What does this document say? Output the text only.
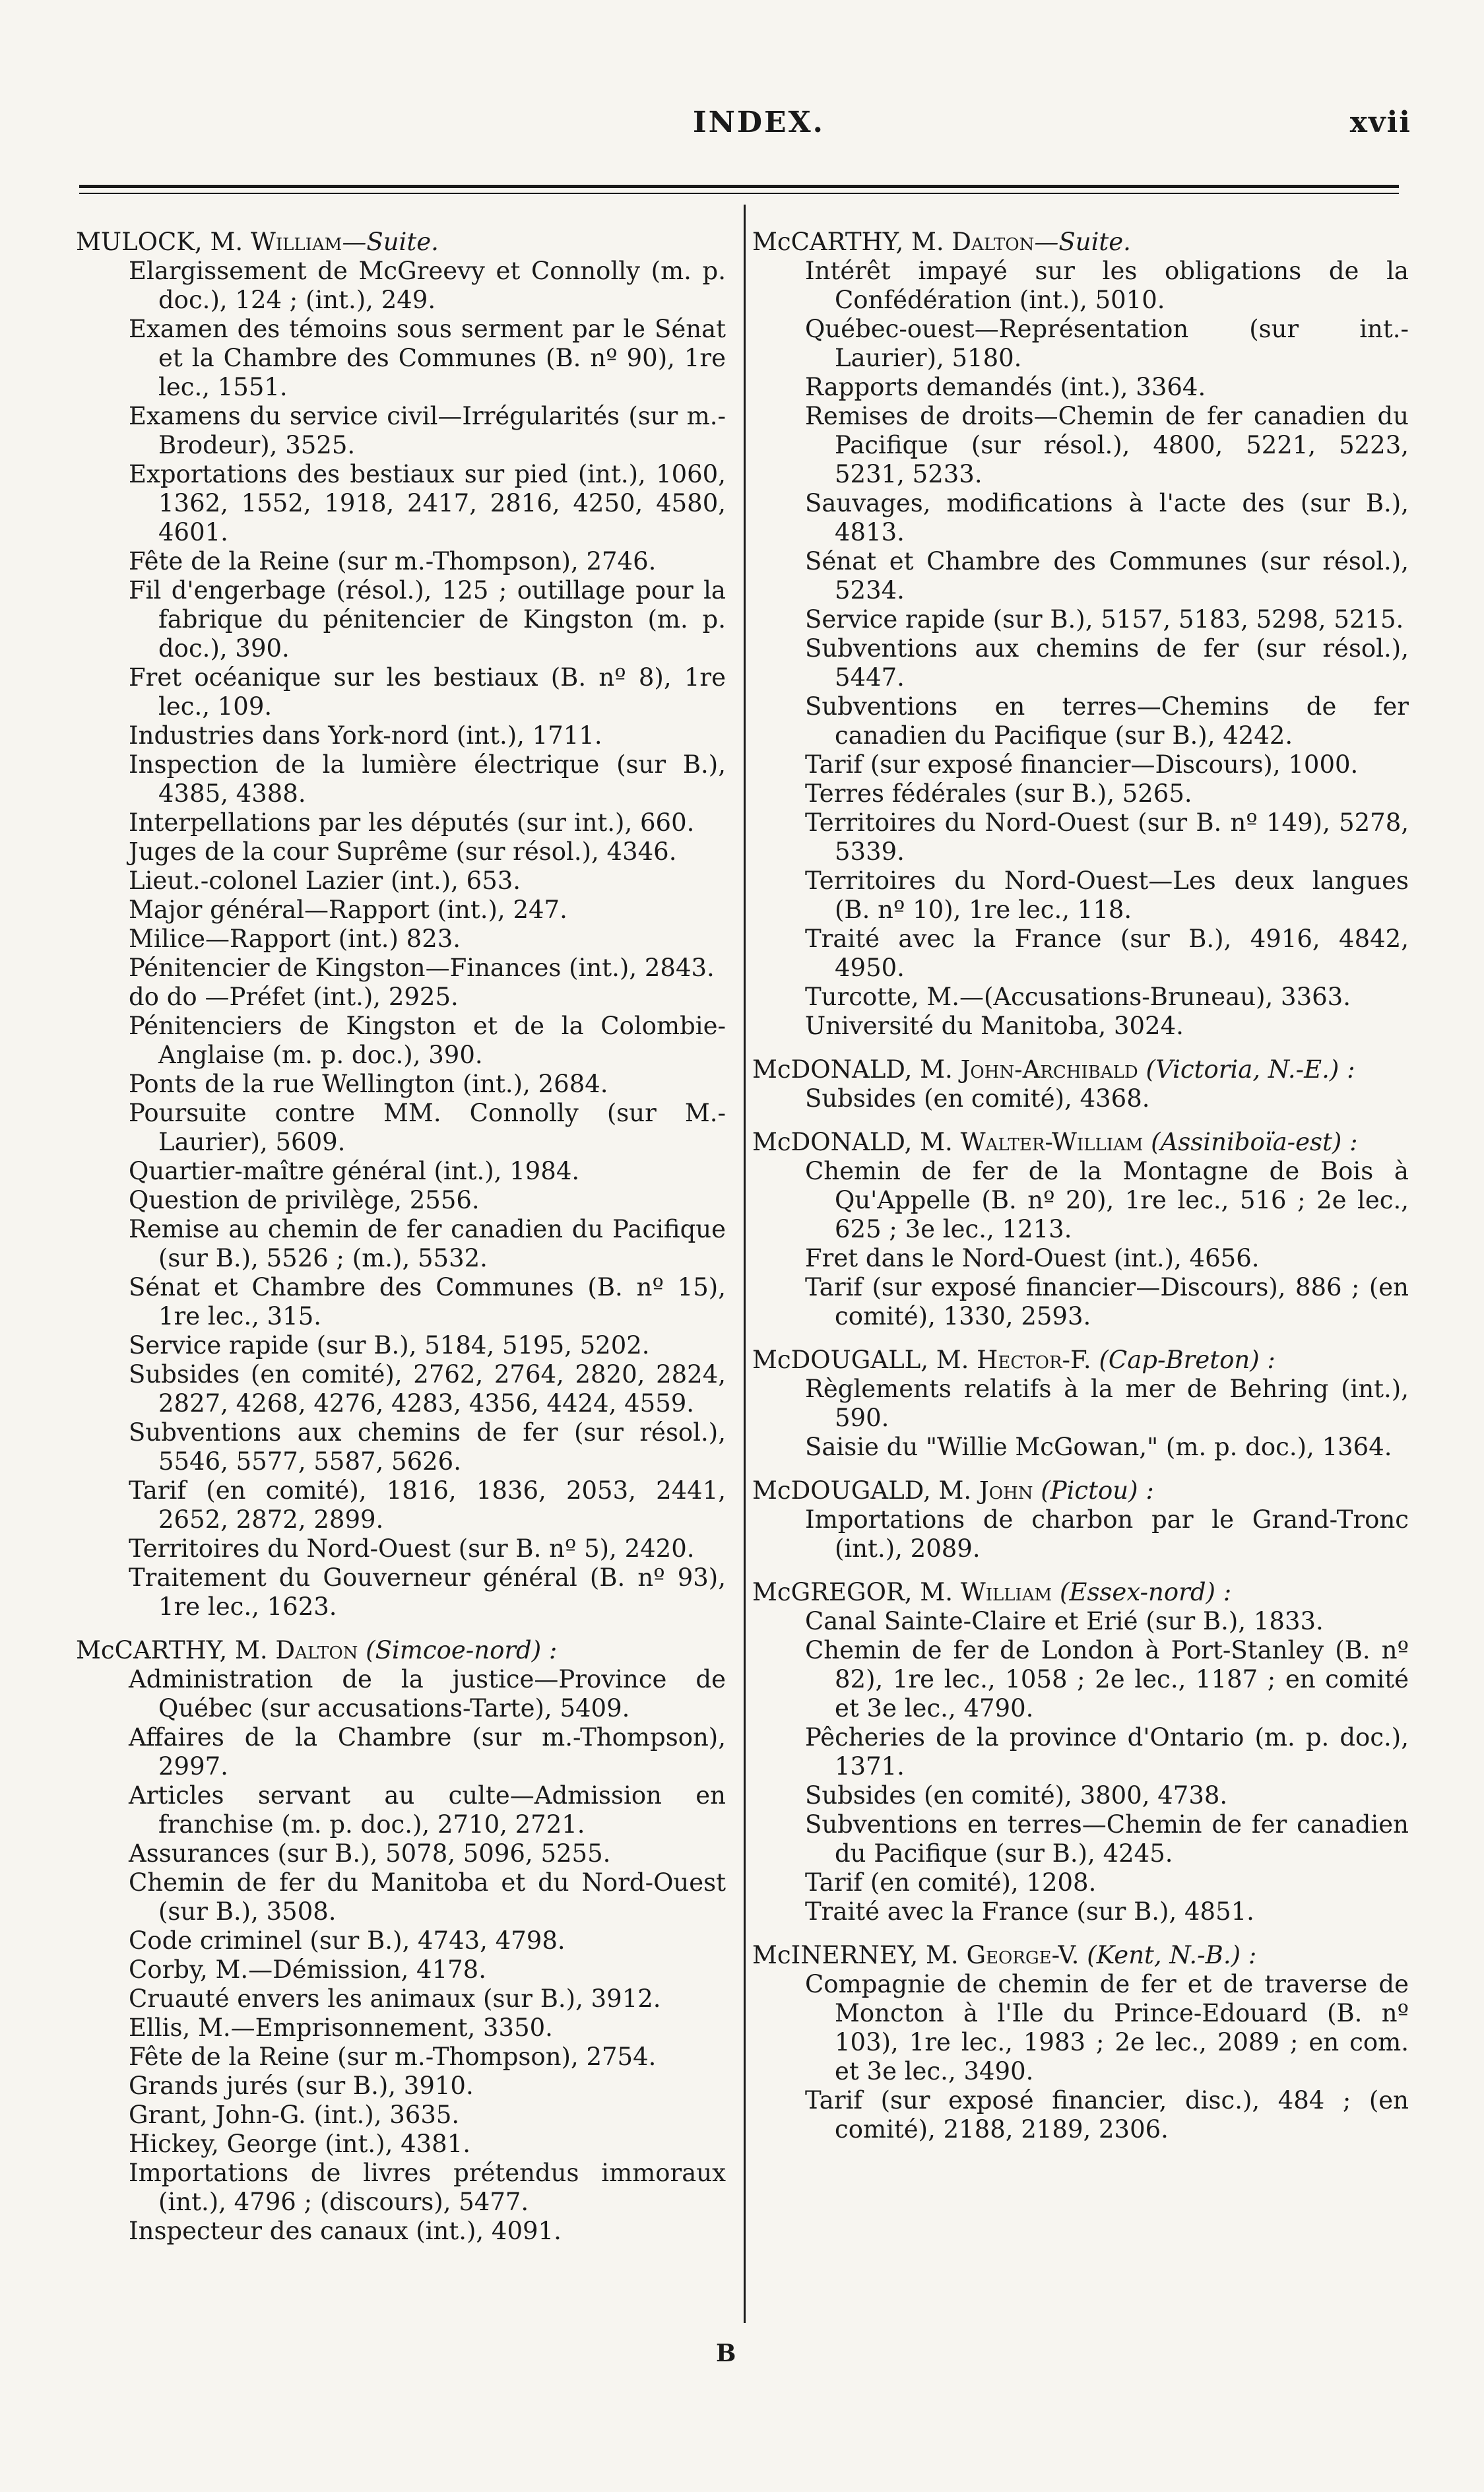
INDEX.	xvii
MULOCK, M. William—Suite.

Elargissement de McGreevy et Connolly (m. p. doc.), 124 ; (int.), 249.

Examen des témoins sous serment par le Sénat et la Chambre des Communes (B. nº 90), 1re lec., 1551.

Examens du service civil—Irrégularités (sur m.-Brodeur), 3525.

Exportations des bestiaux sur pied (int.), 1060, 1362, 1552, 1918, 2417, 2816, 4250, 4580, 4601.

Fête de la Reine (sur m.-Thompson), 2746.

Fil d'engerbage (résol.), 125 ; outillage pour la fabrique du pénitencier de Kingston (m. p. doc.), 390.

Fret océanique sur les bestiaux (B. nº 8), 1re lec., 109.

Industries dans York-nord (int.), 1711.

Inspection de la lumière électrique (sur B.), 4385, 4388.

Interpellations par les députés (sur int.), 660.

Juges de la cour Suprême (sur résol.), 4346.

Lieut.-colonel Lazier (int.), 653.

Major général—Rapport (int.), 247.

Milice—Rapport (int.) 823.

Pénitencier de Kingston—Finances (int.), 2843.

do do —Préfet (int.), 2925.

Pénitenciers de Kingston et de la Colombie-Anglaise (m. p. doc.), 390.

Ponts de la rue Wellington (int.), 2684.

Poursuite contre MM. Connolly (sur M.-Laurier), 5609.

Quartier-maître général (int.), 1984.

Question de privilège, 2556.

Remise au chemin de fer canadien du Pacifique (sur B.), 5526 ; (m.), 5532.

Sénat et Chambre des Communes (B. nº 15), 1re lec., 315.

Service rapide (sur B.), 5184, 5195, 5202.

Subsides (en comité), 2762, 2764, 2820, 2824, 2827, 4268, 4276, 4283, 4356, 4424, 4559.

Subventions aux chemins de fer (sur résol.), 5546, 5577, 5587, 5626.

Tarif (en comité), 1816, 1836, 2053, 2441, 2652, 2872, 2899.

Territoires du Nord-Ouest (sur B. nº 5), 2420.

Traitement du Gouverneur général (B. nº 93), 1re lec., 1623.

McCARTHY, M. Dalton (Simcoe-nord) :

Administration de la justice—Province de Québec (sur accusations-Tarte), 5409.

Affaires de la Chambre (sur m.-Thompson), 2997.

Articles servant au culte—Admission en franchise (m. p. doc.), 2710, 2721.

Assurances (sur B.), 5078, 5096, 5255.

Chemin de fer du Manitoba et du Nord-Ouest (sur B.), 3508.

Code criminel (sur B.), 4743, 4798.

Corby, M.—Démission, 4178.

Cruauté envers les animaux (sur B.), 3912.

Ellis, M.—Emprisonnement, 3350.

Fête de la Reine (sur m.-Thompson), 2754.

Grands jurés (sur B.), 3910.

Grant, John-G. (int.), 3635.

Hickey, George (int.), 4381.

Importations de livres prétendus immoraux (int.), 4796 ; (discours), 5477.

Inspecteur des canaux (int.), 4091.

McCARTHY, M. Dalton—Suite.

Intérêt impayé sur les obligations de la Confédération (int.), 5010.

Québec-ouest—Représentation (sur int.-Laurier), 5180.

Rapports demandés (int.), 3364.

Remises de droits—Chemin de fer canadien du Pacifique (sur résol.), 4800, 5221, 5223, 5231, 5233.

Sauvages, modifications à l'acte des (sur B.), 4813.

Sénat et Chambre des Communes (sur résol.), 5234.

Service rapide (sur B.), 5157, 5183, 5298, 5215.

Subventions aux chemins de fer (sur résol.), 5447.

Subventions en terres—Chemins de fer canadien du Pacifique (sur B.), 4242.

Tarif (sur exposé financier—Discours), 1000.

Terres fédérales (sur B.), 5265.

Territoires du Nord-Ouest (sur B. nº 149), 5278, 5339.

Territoires du Nord-Ouest—Les deux langues (B. nº 10), 1re lec., 118.

Traité avec la France (sur B.), 4916, 4842, 4950.

Turcotte, M.—(Accusations-Bruneau), 3363.

Université du Manitoba, 3024.

McDONALD, M. John-Archibald (Victoria, N.-E.) :

Subsides (en comité), 4368.

McDONALD, M. Walter-William (Assiniboïa-est) :

Chemin de fer de la Montagne de Bois à Qu'Appelle (B. nº 20), 1re lec., 516 ; 2e lec., 625 ; 3e lec., 1213.

Fret dans le Nord-Ouest (int.), 4656.

Tarif (sur exposé financier—Discours), 886 ; (en comité), 1330, 2593.

McDOUGALL, M. Hector-F. (Cap-Breton) :

Règlements relatifs à la mer de Behring (int.), 590.

Saisie du "Willie McGowan," (m. p. doc.), 1364.

McDOUGALD, M. John (Pictou) :

Importations de charbon par le Grand-Tronc (int.), 2089.

McGREGOR, M. William (Essex-nord) :

Canal Sainte-Claire et Erié (sur B.), 1833.

Chemin de fer de London à Port-Stanley (B. nº 82), 1re lec., 1058 ; 2e lec., 1187 ; en comité et 3e lec., 4790.

Pêcheries de la province d'Ontario (m. p. doc.), 1371.

Subsides (en comité), 3800, 4738.

Subventions en terres—Chemin de fer canadien du Pacifique (sur B.), 4245.

Tarif (en comité), 1208.

Traité avec la France (sur B.), 4851.

McINERNEY, M. George-V. (Kent, N.-B.) :

Compagnie de chemin de fer et de traverse de Moncton à l'Ile du Prince-Edouard (B. nº 103), 1re lec., 1983 ; 2e lec., 2089 ; en com. et 3e lec., 3490.

Tarif (sur exposé financier, disc.), 484 ; (en comité), 2188, 2189, 2306.

B
